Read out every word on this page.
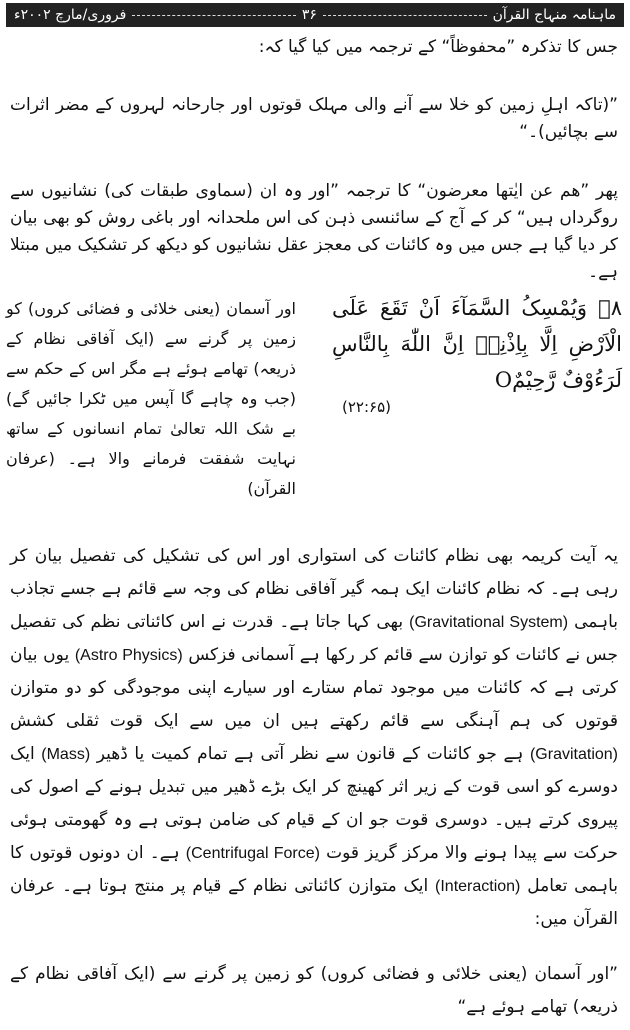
ماہنامہ منہاج القرآن
۳۶
فروری/مارچ ۲۰۰۲ء
جس کا تذکرہ ”محفوظاً“ کے ترجمہ میں کیا گیا کہ:
”(تاکہ اہلِ زمین کو خلا سے آنے والی مہلک قوتوں اور جارحانہ لہروں کے مضر اثرات سے بچائیں)۔“
پھر ”ھم عن ایٰتھا معرضون“ کا ترجمہ ”اور وہ ان (سماوی طبقات کی) نشانیوں سے روگرداں ہیں“ کر کے آج کے سائنسی ذہن کی اس ملحدانہ اور باغی روش کو بھی بیان کر دیا گیا ہے جس میں وہ کائنات کی معجز عقل نشانیوں کو دیکھ کر تشکیک میں مبتلا ہے۔
۸۔ وَیُمْسِکُ السَّمَآءَ اَنْ تَقَعَ عَلَی الْاَرْضِ اِلَّا بِاِذْنِهٖ اِنَّ اللّٰهَ بِالنَّاسِ لَرَءُوْفٌ رَّحِیْمٌO
(۲۲:۶۵)
اور آسمان (یعنی خلائی و فضائی کروں) کو زمین پر گرنے سے (ایک آفاقی نظام کے ذریعہ) تھامے ہوئے ہے مگر اس کے حکم سے (جب وہ چاہے گا آپس میں ٹکرا جائیں گے) بے شک اللہ تعالیٰ تمام انسانوں کے ساتھ نہایت شفقت فرمانے والا ہے۔ (عرفان القرآن)
یہ آیت کریمہ بھی نظام کائنات کی استواری اور اس کی تشکیل کی تفصیل بیان کر رہی ہے۔ کہ نظام کائنات ایک ہمہ گیر آفاقی نظام کی وجہ سے قائم ہے جسے تجاذب باہمی (Gravitational System) بھی کہا جاتا ہے۔ قدرت نے اس کائناتی نظم کی تفصیل جس نے کائنات کو توازن سے قائم کر رکھا ہے آسمانی فزکس (Astro Physics) یوں بیان کرتی ہے کہ کائنات میں موجود تمام ستارے اور سیارے اپنی موجودگی کو دو متوازن قوتوں کی ہم آہنگی سے قائم رکھتے ہیں ان میں سے ایک قوت ثقلی کشش (Gravitation) ہے جو کائنات کے قانون سے نظر آتی ہے تمام کمیت یا ڈھیر (Mass) ایک دوسرے کو اسی قوت کے زیر اثر کھینچ کر ایک بڑے ڈھیر میں تبدیل ہونے کے اصول کی پیروی کرتے ہیں۔ دوسری قوت جو ان کے قیام کی ضامن ہوتی ہے وہ گھومتی ہوئی حرکت سے پیدا ہونے والا مرکز گریز قوت (Centrifugal Force) ہے۔ ان دونوں قوتوں کا باہمی تعامل (Interaction) ایک متوازن کائناتی نظام کے قیام پر منتج ہوتا ہے۔ عرفان القرآن میں:
”اور آسمان (یعنی خلائی و فضائی کروں) کو زمین پر گرنے سے (ایک آفاقی نظام کے ذریعہ) تھامے ہوئے ہے“
